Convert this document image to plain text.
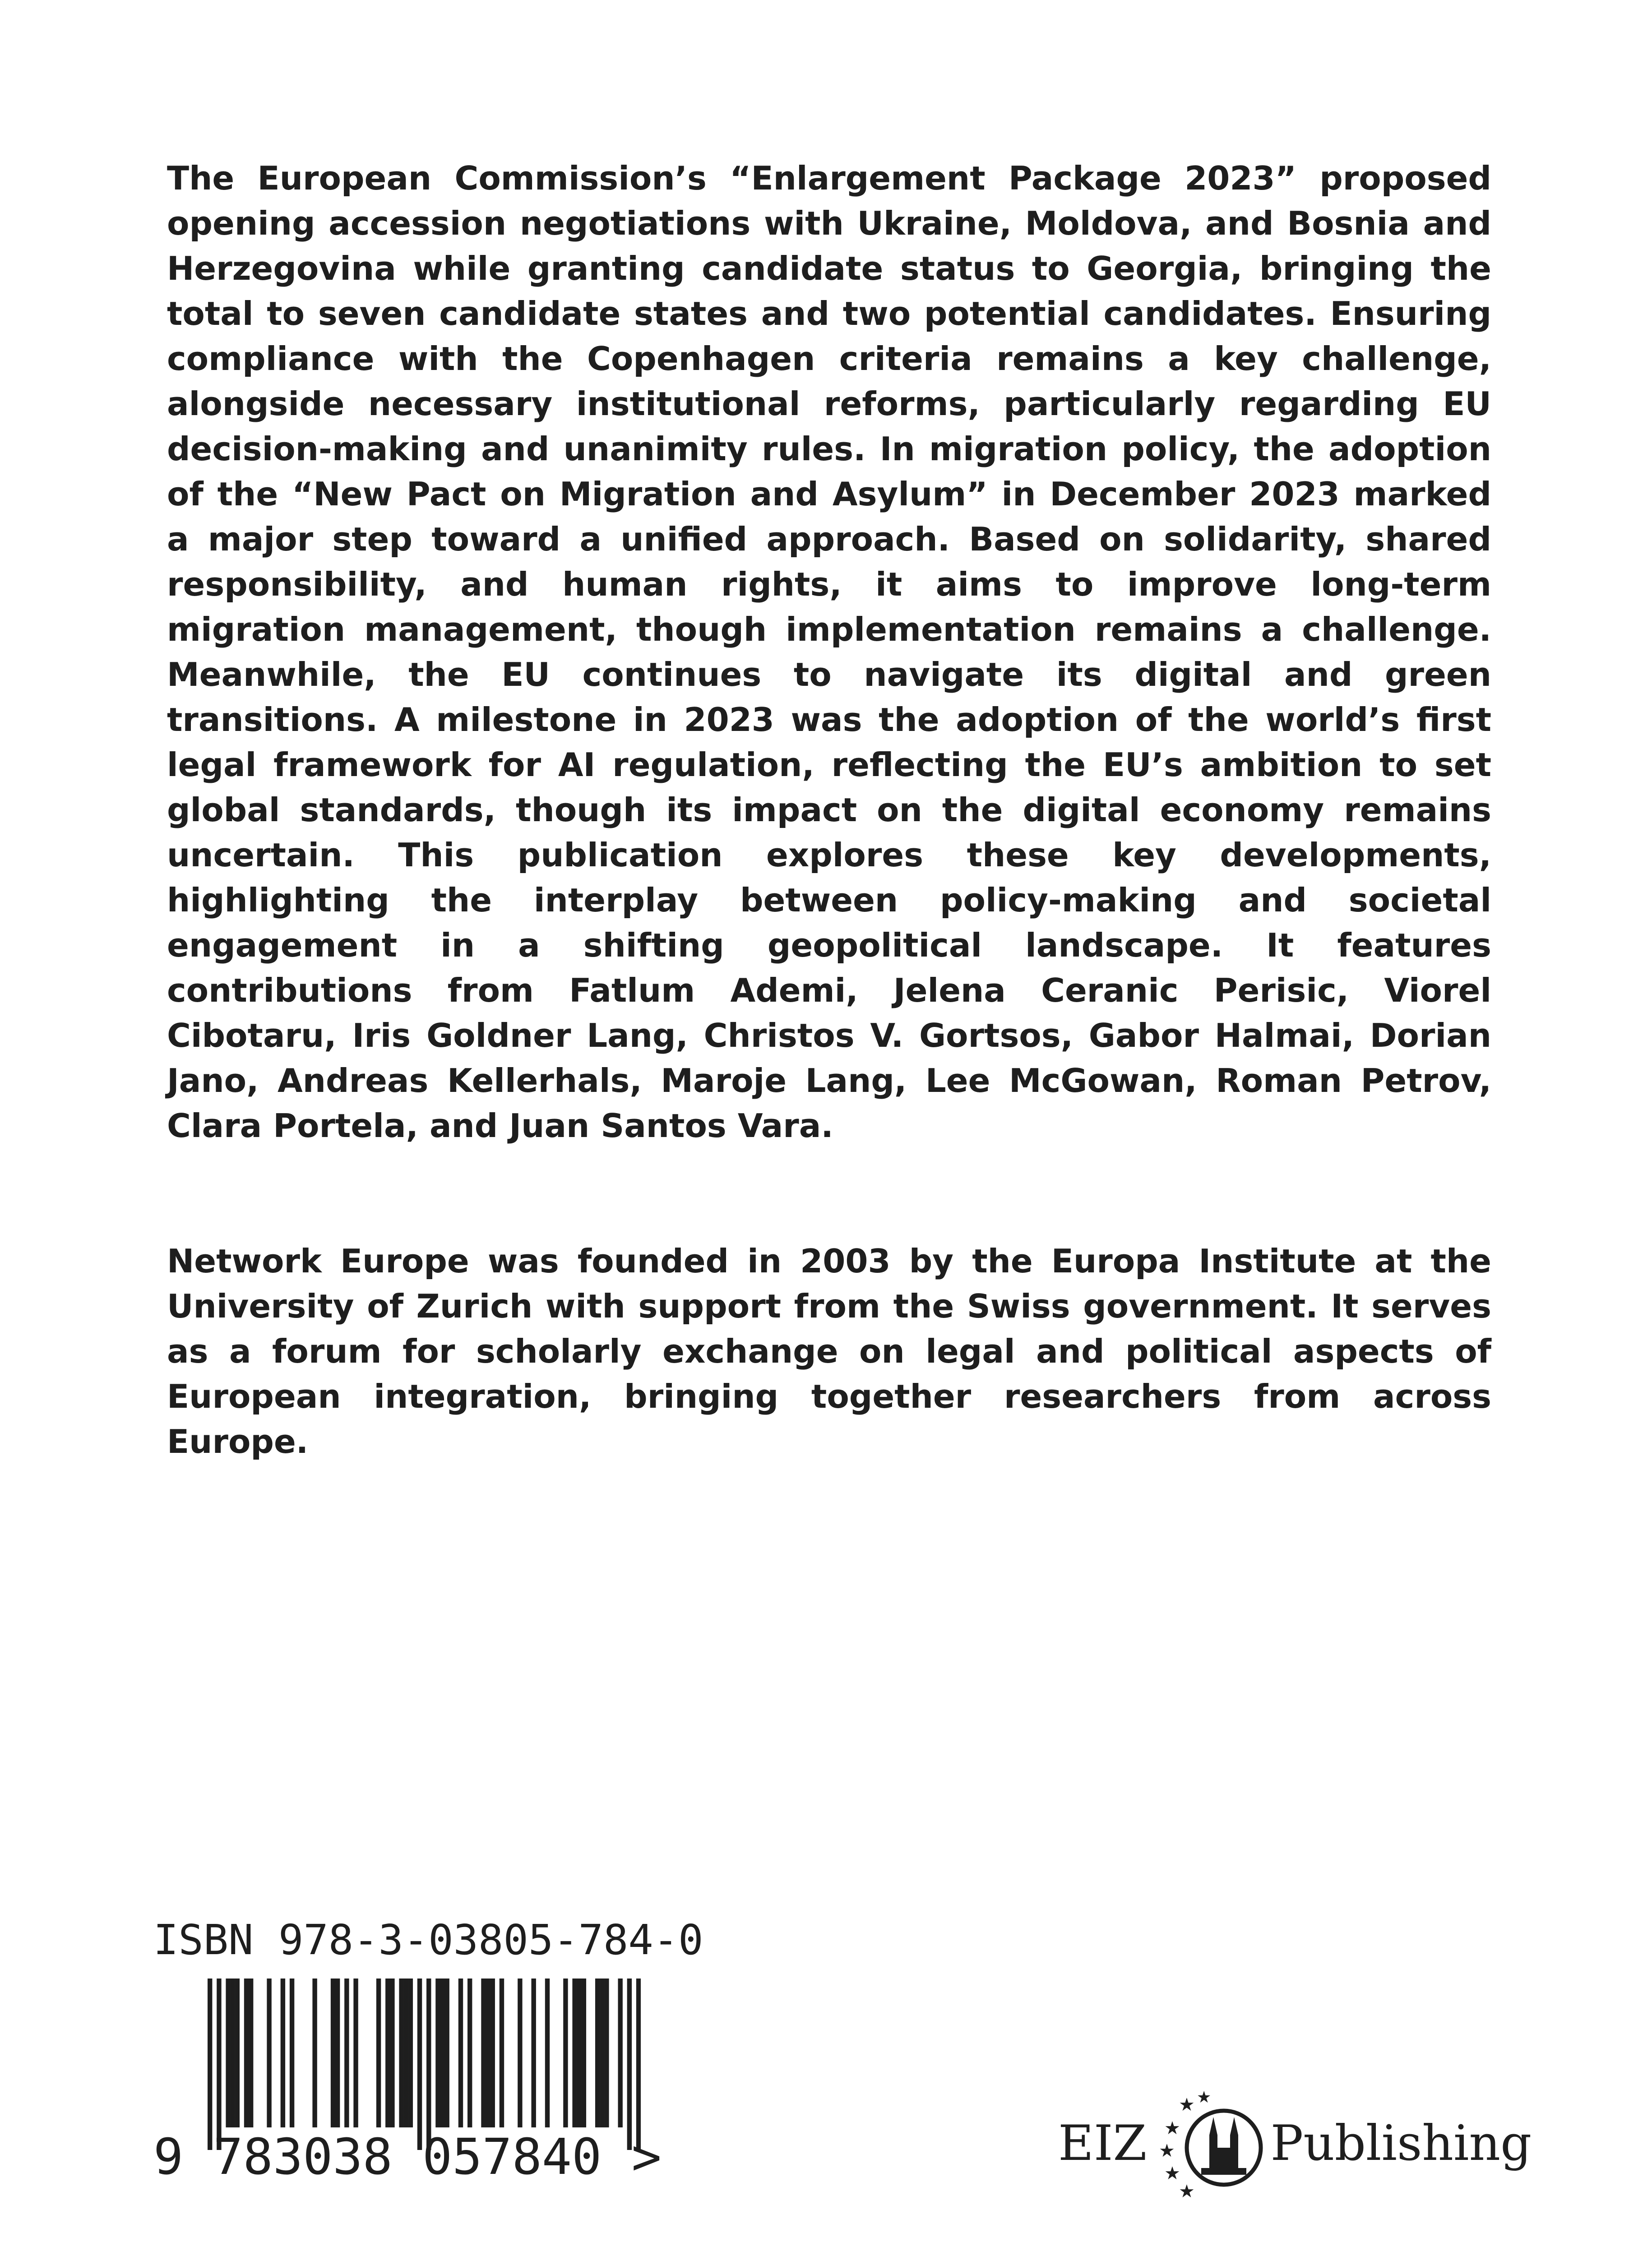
The European Commission’s “Enlargement Package 2023” proposed opening accession negotiations with Ukraine, Moldova, and Bosnia and Herzegovina while granting candidate status to Georgia, bringing the total to seven candidate states and two potential candidates. Ensuring compliance with the Copenhagen criteria remains a key challenge, alongside necessary institutional reforms, particularly regarding EU decision-making and unanimity rules. In migration policy, the adoption of the “New Pact on Migration and Asylum” in December 2023 marked a major step toward a unified approach. Based on solidarity, shared responsibility, and human rights, it aims to improve long-term migration management, though implementation remains a challenge. Meanwhile, the EU continues to navigate its digital and green transitions. A milestone in 2023 was the adoption of the world’s first legal framework for AI regulation, reflecting the EU’s ambition to set global standards, though its impact on the digital economy remains uncertain. This publication explores these key developments, highlighting the interplay between policy-making and societal engagement in a shifting geopolitical landscape. It features contributions from Fatlum Ademi, Jelena Ceranic Perisic, Viorel Cibotaru, Iris Goldner Lang, Christos V. Gortsos, Gabor Halmai, Dorian Jano, Andreas Kellerhals, Maroje Lang, Lee McGowan, Roman Petrov, Clara Portela, and Juan Santos Vara.

Network Europe was founded in 2003 by the Europa Institute at the University of Zurich with support from the Swiss government. It serves as a forum for scholarly exchange on legal and political aspects of European integration, bringing together researchers from across Europe.

ISBN 978-3-03805-784-0
9 783038 057840 >	EIZ
★
★
★
★
★
★
Publishing
